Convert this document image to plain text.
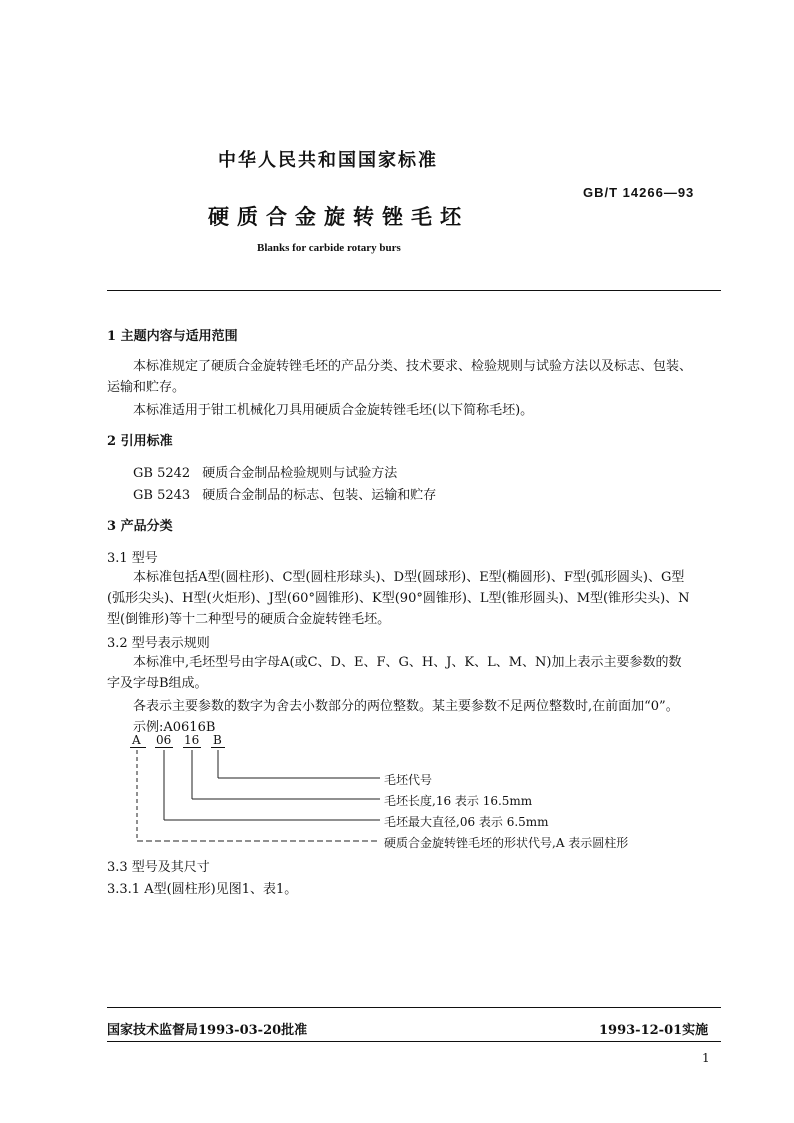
中华人民共和国国家标准
GB/T 14266—93
硬质合金旋转锉毛坯
Blanks for carbide rotary burs
1 主题内容与适用范围
本标准规定了硬质合金旋转锉毛坯的产品分类、技术要求、检验规则与试验方法以及标志、包装、运输和贮存。
本标准适用于钳工机械化刀具用硬质合金旋转锉毛坯(以下简称毛坯)。
2 引用标准
GB 5242 硬质合金制品检验规则与试验方法
GB 5243 硬质合金制品的标志、包装、运输和贮存
3 产品分类
3.1 型号
本标准包括A型(圆柱形)、C型(圆柱形球头)、D型(圆球形)、E型(椭圆形)、F型(弧形圆头)、G型(弧形尖头)、H型(火炬形)、J型(60°圆锥形)、K型(90°圆锥形)、L型(锥形圆头)、M型(锥形尖头)、N型(倒锥形)等十二种型号的硬质合金旋转锉毛坯。
3.2 型号表示规则
本标准中,毛坯型号由字母A(或C、D、E、F、G、H、J、K、L、M、N)加上表示主要参数的数字及字母B组成。
各表示主要参数的数字为舍去小数部分的两位整数。某主要参数不足两位整数时,在前面加“0”。
示例:A0616B
A 06 16 B
毛坯代号
毛坯长度,16 表示 16.5mm
毛坯最大直径,06 表示 6.5mm
硬质合金旋转锉毛坯的形状代号,A 表示圆柱形
3.3 型号及其尺寸
3.3.1 A型(圆柱形)见图1、表1。
国家技术监督局1993-03-20批准	1993-12-01实施
1
